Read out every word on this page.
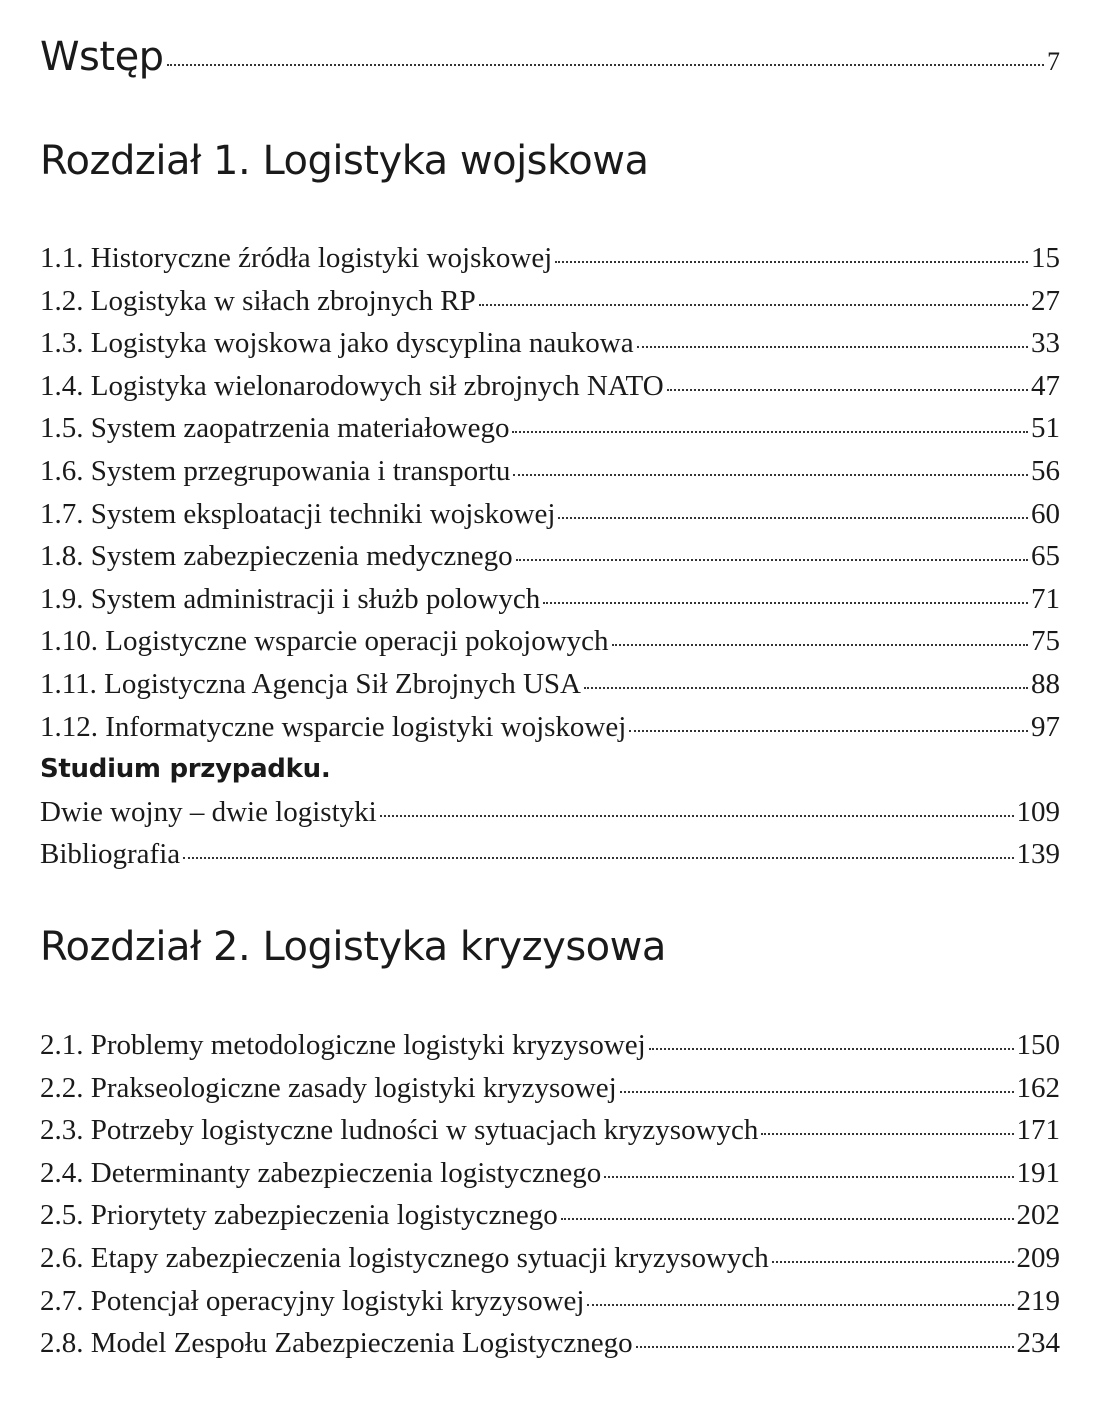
Wstęp	7
Rozdział 1. Logistyka wojskowa
1.1. Historyczne źródła logistyki wojskowej	15
1.2. Logistyka w siłach zbrojnych RP	27
1.3. Logistyka wojskowa jako dyscyplina naukowa	33
1.4. Logistyka wielonarodowych sił zbrojnych NATO	47
1.5. System zaopatrzenia materiałowego	51
1.6. System przegrupowania i transportu	56
1.7. System eksploatacji techniki wojskowej	60
1.8. System zabezpieczenia medycznego	65
1.9. System administracji i służb polowych	71
1.10. Logistyczne wsparcie operacji pokojowych	75
1.11. Logistyczna Agencja Sił Zbrojnych USA	88
1.12. Informatyczne wsparcie logistyki wojskowej	97
Studium przypadku.
Dwie wojny – dwie logistyki	109
Bibliografia	139
Rozdział 2. Logistyka kryzysowa
2.1. Problemy metodologiczne logistyki kryzysowej	150
2.2. Prakseologiczne zasady logistyki kryzysowej	162
2.3. Potrzeby logistyczne ludności w sytuacjach kryzysowych	171
2.4. Determinanty zabezpieczenia logistycznego	191
2.5. Priorytety zabezpieczenia logistycznego	202
2.6. Etapy zabezpieczenia logistycznego sytuacji kryzysowych	209
2.7. Potencjał operacyjny logistyki kryzysowej	219
2.8. Model Zespołu Zabezpieczenia Logistycznego	234
